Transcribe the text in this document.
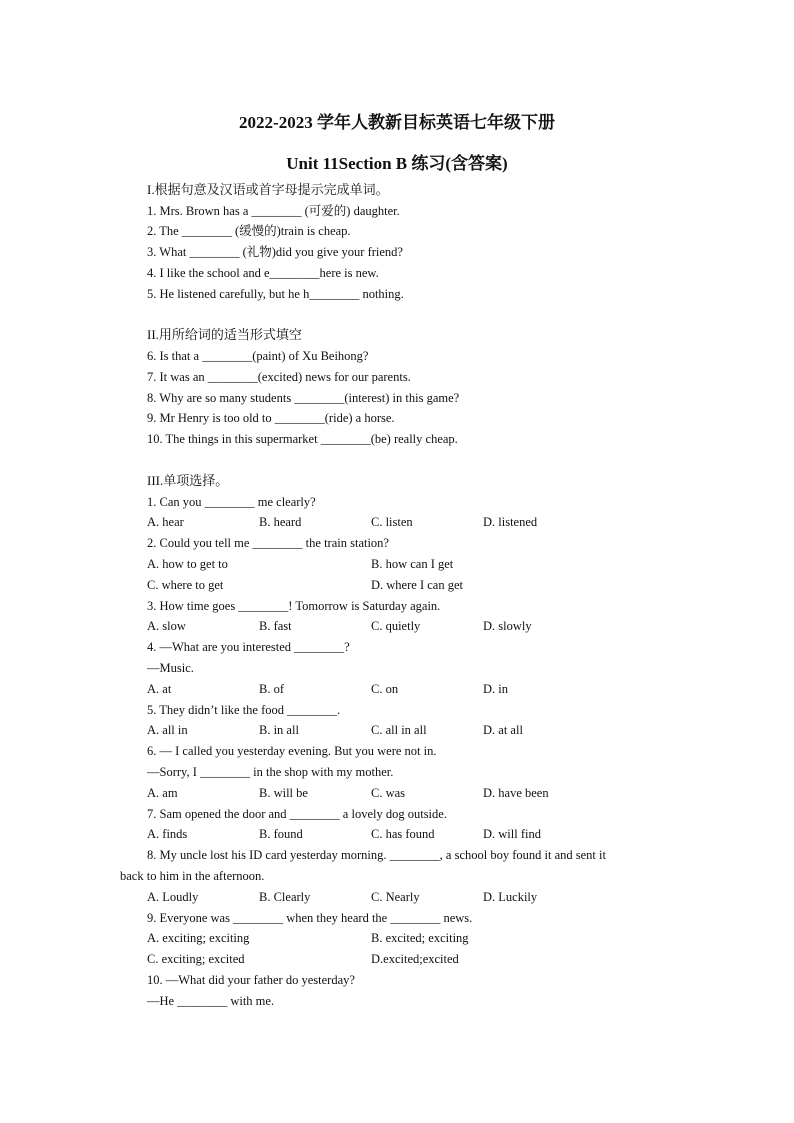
2022-2023 学年人教新目标英语七年级下册
Unit 11Section B 练习(含答案)
I.根据句意及汉语或首字母提示完成单词。
1. Mrs. Brown has a ________ (可爱的) daughter.
2. The ________ (缓慢的)train is cheap.
3. What ________ (礼物)did you give your friend?
4. I like the school and e________here is new.
5. He listened carefully, but he h________ nothing.
II.用所给词的适当形式填空
6. Is that a ________(paint) of Xu Beihong?
7. It was an ________(excited) news for our parents.
8. Why are so many students ________(interest) in this game?
9. Mr Henry is too old to ________(ride) a horse.
10. The things in this supermarket ________(be) really cheap.
III.单项选择。
1. Can you ________ me clearly?
A. hear	B. heard	C. listen	D. listened
2. Could you tell me ________ the train station?
A. how to get to	B. how can I get
C. where to get	D. where I can get
3. How time goes ________! Tomorrow is Saturday again.
A. slow	B. fast	C. quietly	D. slowly
4. —What are you interested ________?
—Music.
A. at	B. of	C. on	D. in
5. They didn’t like the food ________.
A. all in	B. in all	C. all in all	D. at all
6. — I called you yesterday evening. But you were not in.
—Sorry, I ________ in the shop with my mother.
A. am	B. will be	C. was	D. have been
7. Sam opened the door and ________ a lovely dog outside.
A. finds	B. found	C. has found	D. will find
8. My uncle lost his ID card yesterday morning. ________, a school boy found it and sent it
back to him in the afternoon.
A. Loudly	B. Clearly	C. Nearly	D. Luckily
9. Everyone was ________ when they heard the ________ news.
A. exciting; exciting	B. excited; exciting
C. exciting; excited	D.excited;excited
10. —What did your father do yesterday?
—He ________ with me.
